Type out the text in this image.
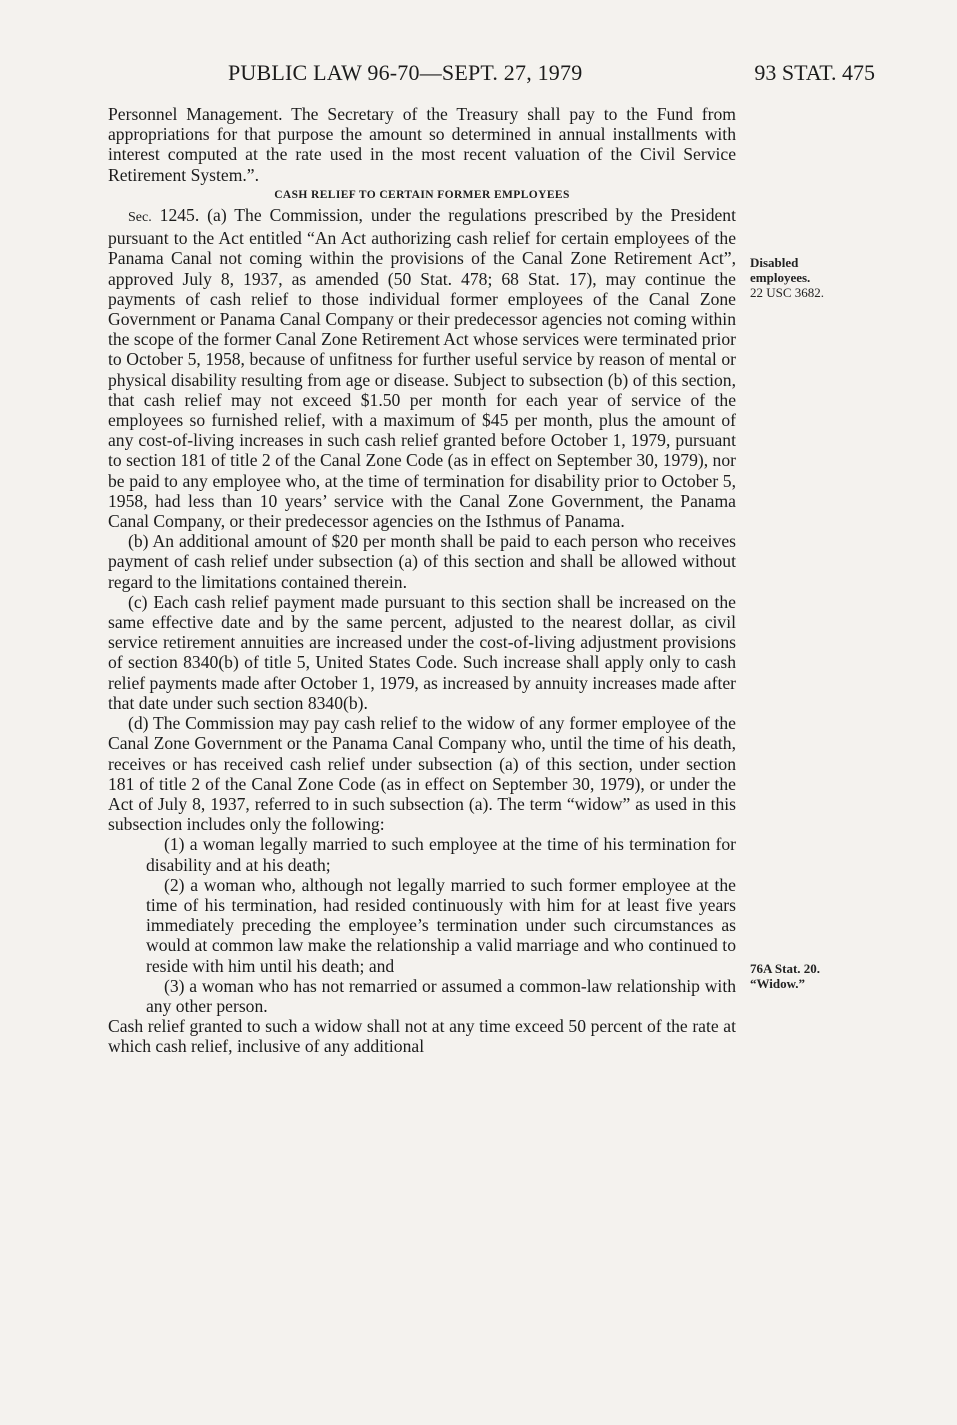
PUBLIC LAW 96-70—SEPT. 27, 1979	93 STAT. 475

Personnel Management. The Secretary of the Treasury shall pay to the Fund from appropriations for that purpose the amount so determined in annual installments with interest computed at the rate used in the most recent valuation of the Civil Service Retirement System.”.

CASH RELIEF TO CERTAIN FORMER EMPLOYEES

Sec. 1245. (a) The Commission, under the regulations prescribed by the President pursuant to the Act entitled “An Act authorizing cash relief for certain employees of the Panama Canal not coming within the provisions of the Canal Zone Retirement Act”, approved July 8, 1937, as amended (50 Stat. 478; 68 Stat. 17), may continue the payments of cash relief to those individual former employees of the Canal Zone Government or Panama Canal Company or their predecessor agencies not coming within the scope of the former Canal Zone Retirement Act whose services were terminated prior to October 5, 1958, because of unfitness for further useful service by reason of mental or physical disability resulting from age or disease. Subject to subsection (b) of this section, that cash relief may not exceed $1.50 per month for each year of service of the employees so furnished relief, with a maximum of $45 per month, plus the amount of any cost-of-living increases in such cash relief granted before October 1, 1979, pursuant to section 181 of title 2 of the Canal Zone Code (as in effect on September 30, 1979), nor be paid to any employee who, at the time of termination for disability prior to October 5, 1958, had less than 10 years’ service with the Canal Zone Government, the Panama Canal Company, or their predecessor agencies on the Isthmus of Panama.

(b) An additional amount of $20 per month shall be paid to each person who receives payment of cash relief under subsection (a) of this section and shall be allowed without regard to the limitations contained therein.

(c) Each cash relief payment made pursuant to this section shall be increased on the same effective date and by the same percent, adjusted to the nearest dollar, as civil service retirement annuities are increased under the cost-of-living adjustment provisions of section 8340(b) of title 5, United States Code. Such increase shall apply only to cash relief payments made after October 1, 1979, as increased by annuity increases made after that date under such section 8340(b).

(d) The Commission may pay cash relief to the widow of any former employee of the Canal Zone Government or the Panama Canal Company who, until the time of his death, receives or has received cash relief under subsection (a) of this section, under section 181 of title 2 of the Canal Zone Code (as in effect on September 30, 1979), or under the Act of July 8, 1937, referred to in such subsection (a). The term “widow” as used in this subsection includes only the following:

(1) a woman legally married to such employee at the time of his termination for disability and at his death;

(2) a woman who, although not legally married to such former employee at the time of his termination, had resided continuously with him for at least five years immediately preceding the employee’s termination under such circumstances as would at common law make the relationship a valid marriage and who continued to reside with him until his death; and

(3) a woman who has not remarried or assumed a common-law relationship with any other person.

Cash relief granted to such a widow shall not at any time exceed 50 percent of the rate at which cash relief, inclusive of any additional

Disabled
employees.
22 USC 3682.
76A Stat. 20.
“Widow.”
